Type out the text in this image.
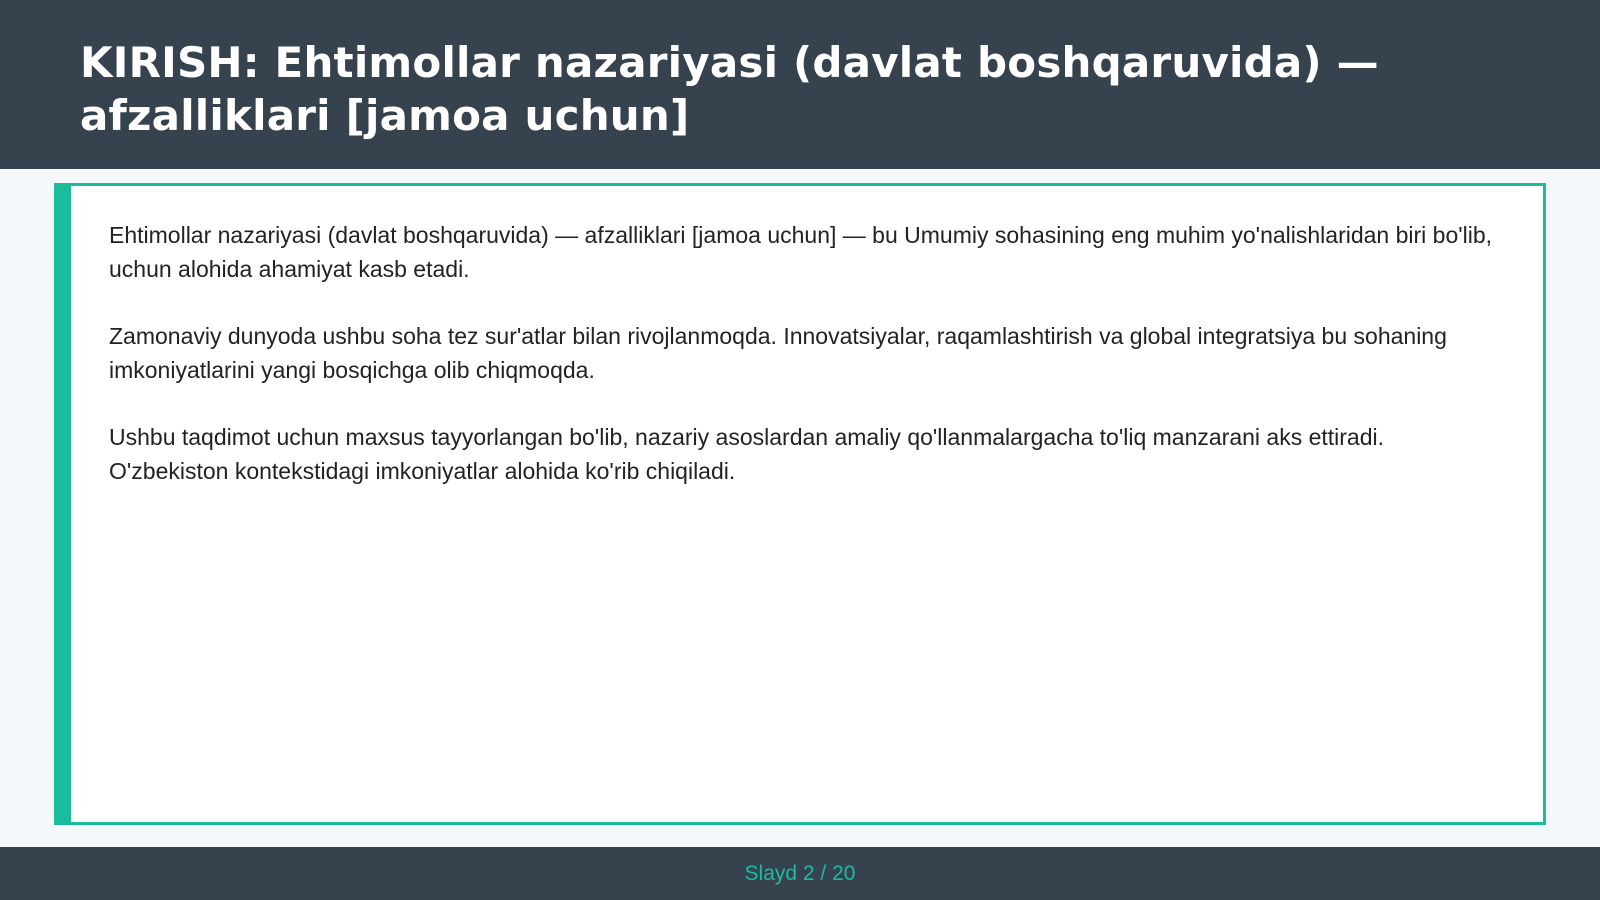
KIRISH: Ehtimollar nazariyasi (davlat boshqaruvida) — afzalliklari [jamoa uchun]

Ehtimollar nazariyasi (davlat boshqaruvida) — afzalliklari [jamoa uchun] — bu Umumiy sohasining eng muhim yo'nalishlaridan biri bo'lib, uchun alohida ahamiyat kasb etadi.

Zamonaviy dunyoda ushbu soha tez sur'atlar bilan rivojlanmoqda. Innovatsiyalar, raqamlashtirish va global integratsiya bu sohaning imkoniyatlarini yangi bosqichga olib chiqmoqda.

Ushbu taqdimot uchun maxsus tayyorlangan bo'lib, nazariy asoslardan amaliy qo'llanmalargacha to'liq manzarani aks ettiradi. O'zbekiston kontekstidagi imkoniyatlar alohida ko'rib chiqiladi.

Slayd 2 / 20
